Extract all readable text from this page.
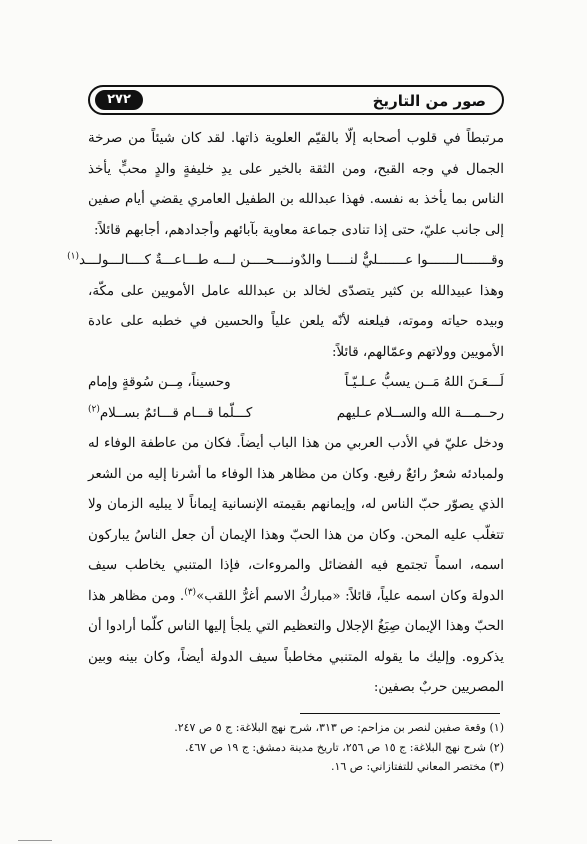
صور من التاريخ
٢٧٢

مرتبطاً في قلوب أصحابه إلّا بالقيّم العلوية ذاتها. لقد كان شيئاً من صرخة الجمال في وجه القبح، ومن الثقة بالخير على يدِ خليفةٍ والدٍ محبٍّ يأخذ الناس بما يأخذ به نفسه. فهذا عبدالله بن الطفيل العامري يقضي أيام صفين إلى جانب عليّ، حتى إذا تنادى جماعة معاوية بآبائهم وأجدادهم، أجابهم قائلاً:

وقـــــــالـــــــوا عـــــــليٌّ لنـــــا والدٌ
ونــــحــــن لـــه طـــاعـــةٌ كــــالـــولـــد$^{(١)}$

وهذا عبيدالله بن كثير يتصدّى لخالد بن عبدالله عامل الأمويين على مكّة، وبيده حياته وموته، فيلعنه لأنّه يلعن علياً والحسين في خطبه على عادة الأمويين وولاتهم وعمّالهم، قائلاً:

لَـــعَـنَ اللهُ مَــن يسبُّ عـلـيّـاً
وحسيناً، مِــن سُوقةٍ وإمام
رحــمـــة الله والســلام عـليهم
كـــلّما قـــام قـــائمٌ بســلام$^{(٢)}$

ودخل عليّ في الأدب العربي من هذا الباب أيضاً. فكان من عاطفة الوفاء له ولمبادئه شعرٌ رائعٌ رفيع. وكان من مظاهر هذا الوفاء ما أشرنا إليه من الشعر الذي يصوّر حبّ الناس له، وإيمانهم بقيمته الإنسانية إيماناً لا يبليه الزمان ولا تتغلّب عليه المحن. وكان من هذا الحبّ وهذا الإيمان أن جعل الناسُ يباركون اسمه، اسماً تجتمع فيه الفضائل والمروءات، فإذا المتنبي يخاطب سيف الدولة وكان اسمه علياً، قائلاً: «مباركُ الاسم أغرُّ اللقب»$^{(٣)}$. ومن مظاهر هذا الحبّ وهذا الإيمان صِيَغُ الإجلال والتعظيم التي يلجأ إليها الناس كلّما أرادوا أن يذكروه. وإليك ما يقوله المتنبي مخاطباً سيف الدولة أيضاً، وكان بينه وبين المصريين حربٌ بصفين:

(١) وقعة صفين لنصر بن مزاحم: ص ٣١٣، شرح نهج البلاغة: ج ٥ ص ٢٤٧.

(٢) شرح نهج البلاغة: ج ١٥ ص ٢٥٦، تاريخ مدينة دمشق: ج ١٩ ص ٤٦٧.

(٣) مختصر المعاني للتفتازاني: ص ١٦.
